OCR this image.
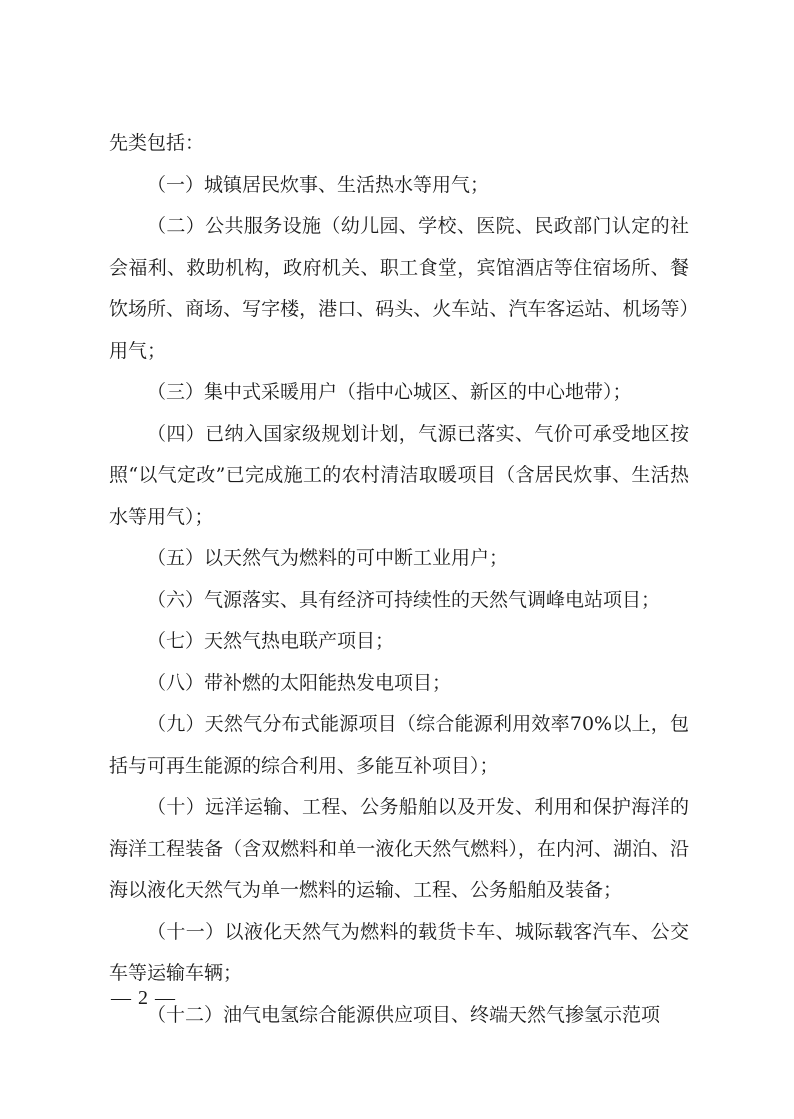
先类包括：

（一）城镇居民炊事、生活热水等用气；

（二）公共服务设施（幼儿园、学校、医院、民政部门认定的社会福利、救助机构，政府机关、职工食堂，宾馆酒店等住宿场所、餐饮场所、商场、写字楼，港口、码头、火车站、汽车客运站、机场等）用气；

（三）集中式采暖用户（指中心城区、新区的中心地带）；

（四）已纳入国家级规划计划，气源已落实、气价可承受地区按照“以气定改”已完成施工的农村清洁取暖项目（含居民炊事、生活热水等用气）；

（五）以天然气为燃料的可中断工业用户；

（六）气源落实、具有经济可持续性的天然气调峰电站项目；

（七）天然气热电联产项目；

（八）带补燃的太阳能热发电项目；

（九）天然气分布式能源项目（综合能源利用效率70%以上，包括与可再生能源的综合利用、多能互补项目）；

（十）远洋运输、工程、公务船舶以及开发、利用和保护海洋的海洋工程装备（含双燃料和单一液化天然气燃料），在内河、湖泊、沿海以液化天然气为单一燃料的运输、工程、公务船舶及装备；

（十一）以液化天然气为燃料的载货卡车、城际载客汽车、公交车等运输车辆；

（十二）油气电氢综合能源供应项目、终端天然气掺氢示范项

— 2 —
